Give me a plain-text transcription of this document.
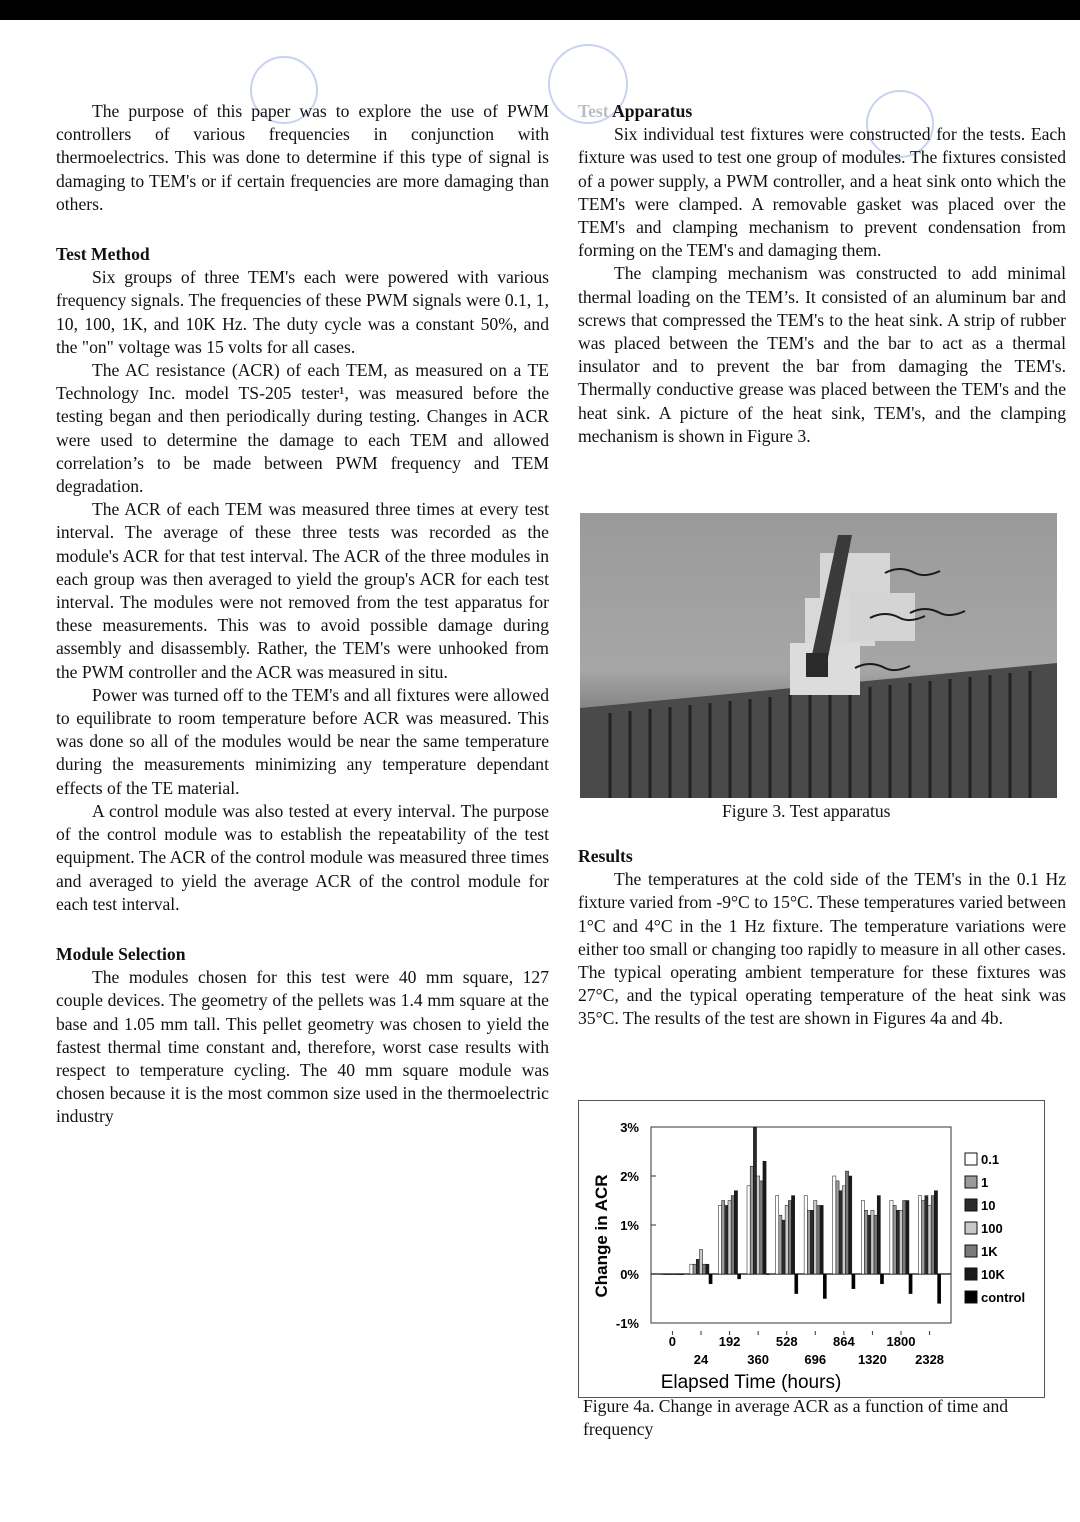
The purpose of this paper was to explore the use of PWM controllers of various frequencies in conjunction with thermoelectrics. This was done to determine if this type of signal is damaging to TEM's or if certain frequencies are more damaging than others.

Test Method

Six groups of three TEM's each were powered with various frequency signals. The frequencies of these PWM signals were 0.1, 1, 10, 100, 1K, and 10K Hz. The duty cycle was a constant 50%, and the "on" voltage was 15 volts for all cases.

The AC resistance (ACR) of each TEM, as measured on a TE Technology Inc. model TS-205 tester¹, was measured before the testing began and then periodically during testing. Changes in ACR were used to determine the damage to each TEM and allowed correlation’s to be made between PWM frequency and TEM degradation.

The ACR of each TEM was measured three times at every test interval. The average of these three tests was recorded as the module's ACR for that test interval. The ACR of the three modules in each group was then averaged to yield the group's ACR for each test interval. The modules were not removed from the test apparatus for these measurements. This was to avoid possible damage during assembly and disassembly. Rather, the TEM's were unhooked from the PWM controller and the ACR was measured in situ.

Power was turned off to the TEM's and all fixtures were allowed to equilibrate to room temperature before ACR was measured. This was done so all of the modules would be near the same temperature during the measurements minimizing any temperature dependant effects of the TE material.

A control module was also tested at every interval. The purpose of the control module was to establish the repeatability of the test equipment. The ACR of the control module was measured three times and averaged to yield the average ACR of the control module for each test interval.

Module Selection

The modules chosen for this test were 40 mm square, 127 couple devices. The geometry of the pellets was 1.4 mm square at the base and 1.05 mm tall. This pellet geometry was chosen to yield the fastest thermal time constant and, therefore, worst case results with respect to temperature cycling. The 40 mm square module was chosen because it is the most common size used in the thermoelectric industry

Test Apparatus

Six individual test fixtures were constructed for the tests. Each fixture was used to test one group of modules. The fixtures consisted of a power supply, a PWM controller, and a heat sink onto which the TEM's were clamped. A removable gasket was placed over the TEM's and clamping mechanism to prevent condensation from forming on the TEM's and damaging them.

The clamping mechanism was constructed to add minimal thermal loading on the TEM’s. It consisted of an aluminum bar and screws that compressed the TEM's to the heat sink. A strip of rubber was placed between the TEM's and the bar to act as a thermal insulator and to prevent the bar from damaging the TEM's. Thermally conductive grease was placed between the TEM's and the heat sink. A picture of the heat sink, TEM's, and the clamping mechanism is shown in Figure 3.

Figure 3. Test apparatus

Results

The temperatures at the cold side of the TEM's in the 0.1 Hz fixture varied from -9°C to 15°C. These temperatures varied between 1°C and 4°C in the 1 Hz fixture. The temperature variations were either too small or changing too rapidly to measure in all other cases. The typical operating ambient temperature for these fixtures was 27°C, and the typical operating temperature of the heat sink was 35°C. The results of the test are shown in Figures 4a and 4b.

Change in ACR
Elapsed Time (hours)
3%
2%
1%
0%
-1%
0
24
192
360
528
696
864
1320
1800
2328
0.1
1
10
100
1K
10K
control
Figure 4a. Change in average ACR as a function of time and frequency
